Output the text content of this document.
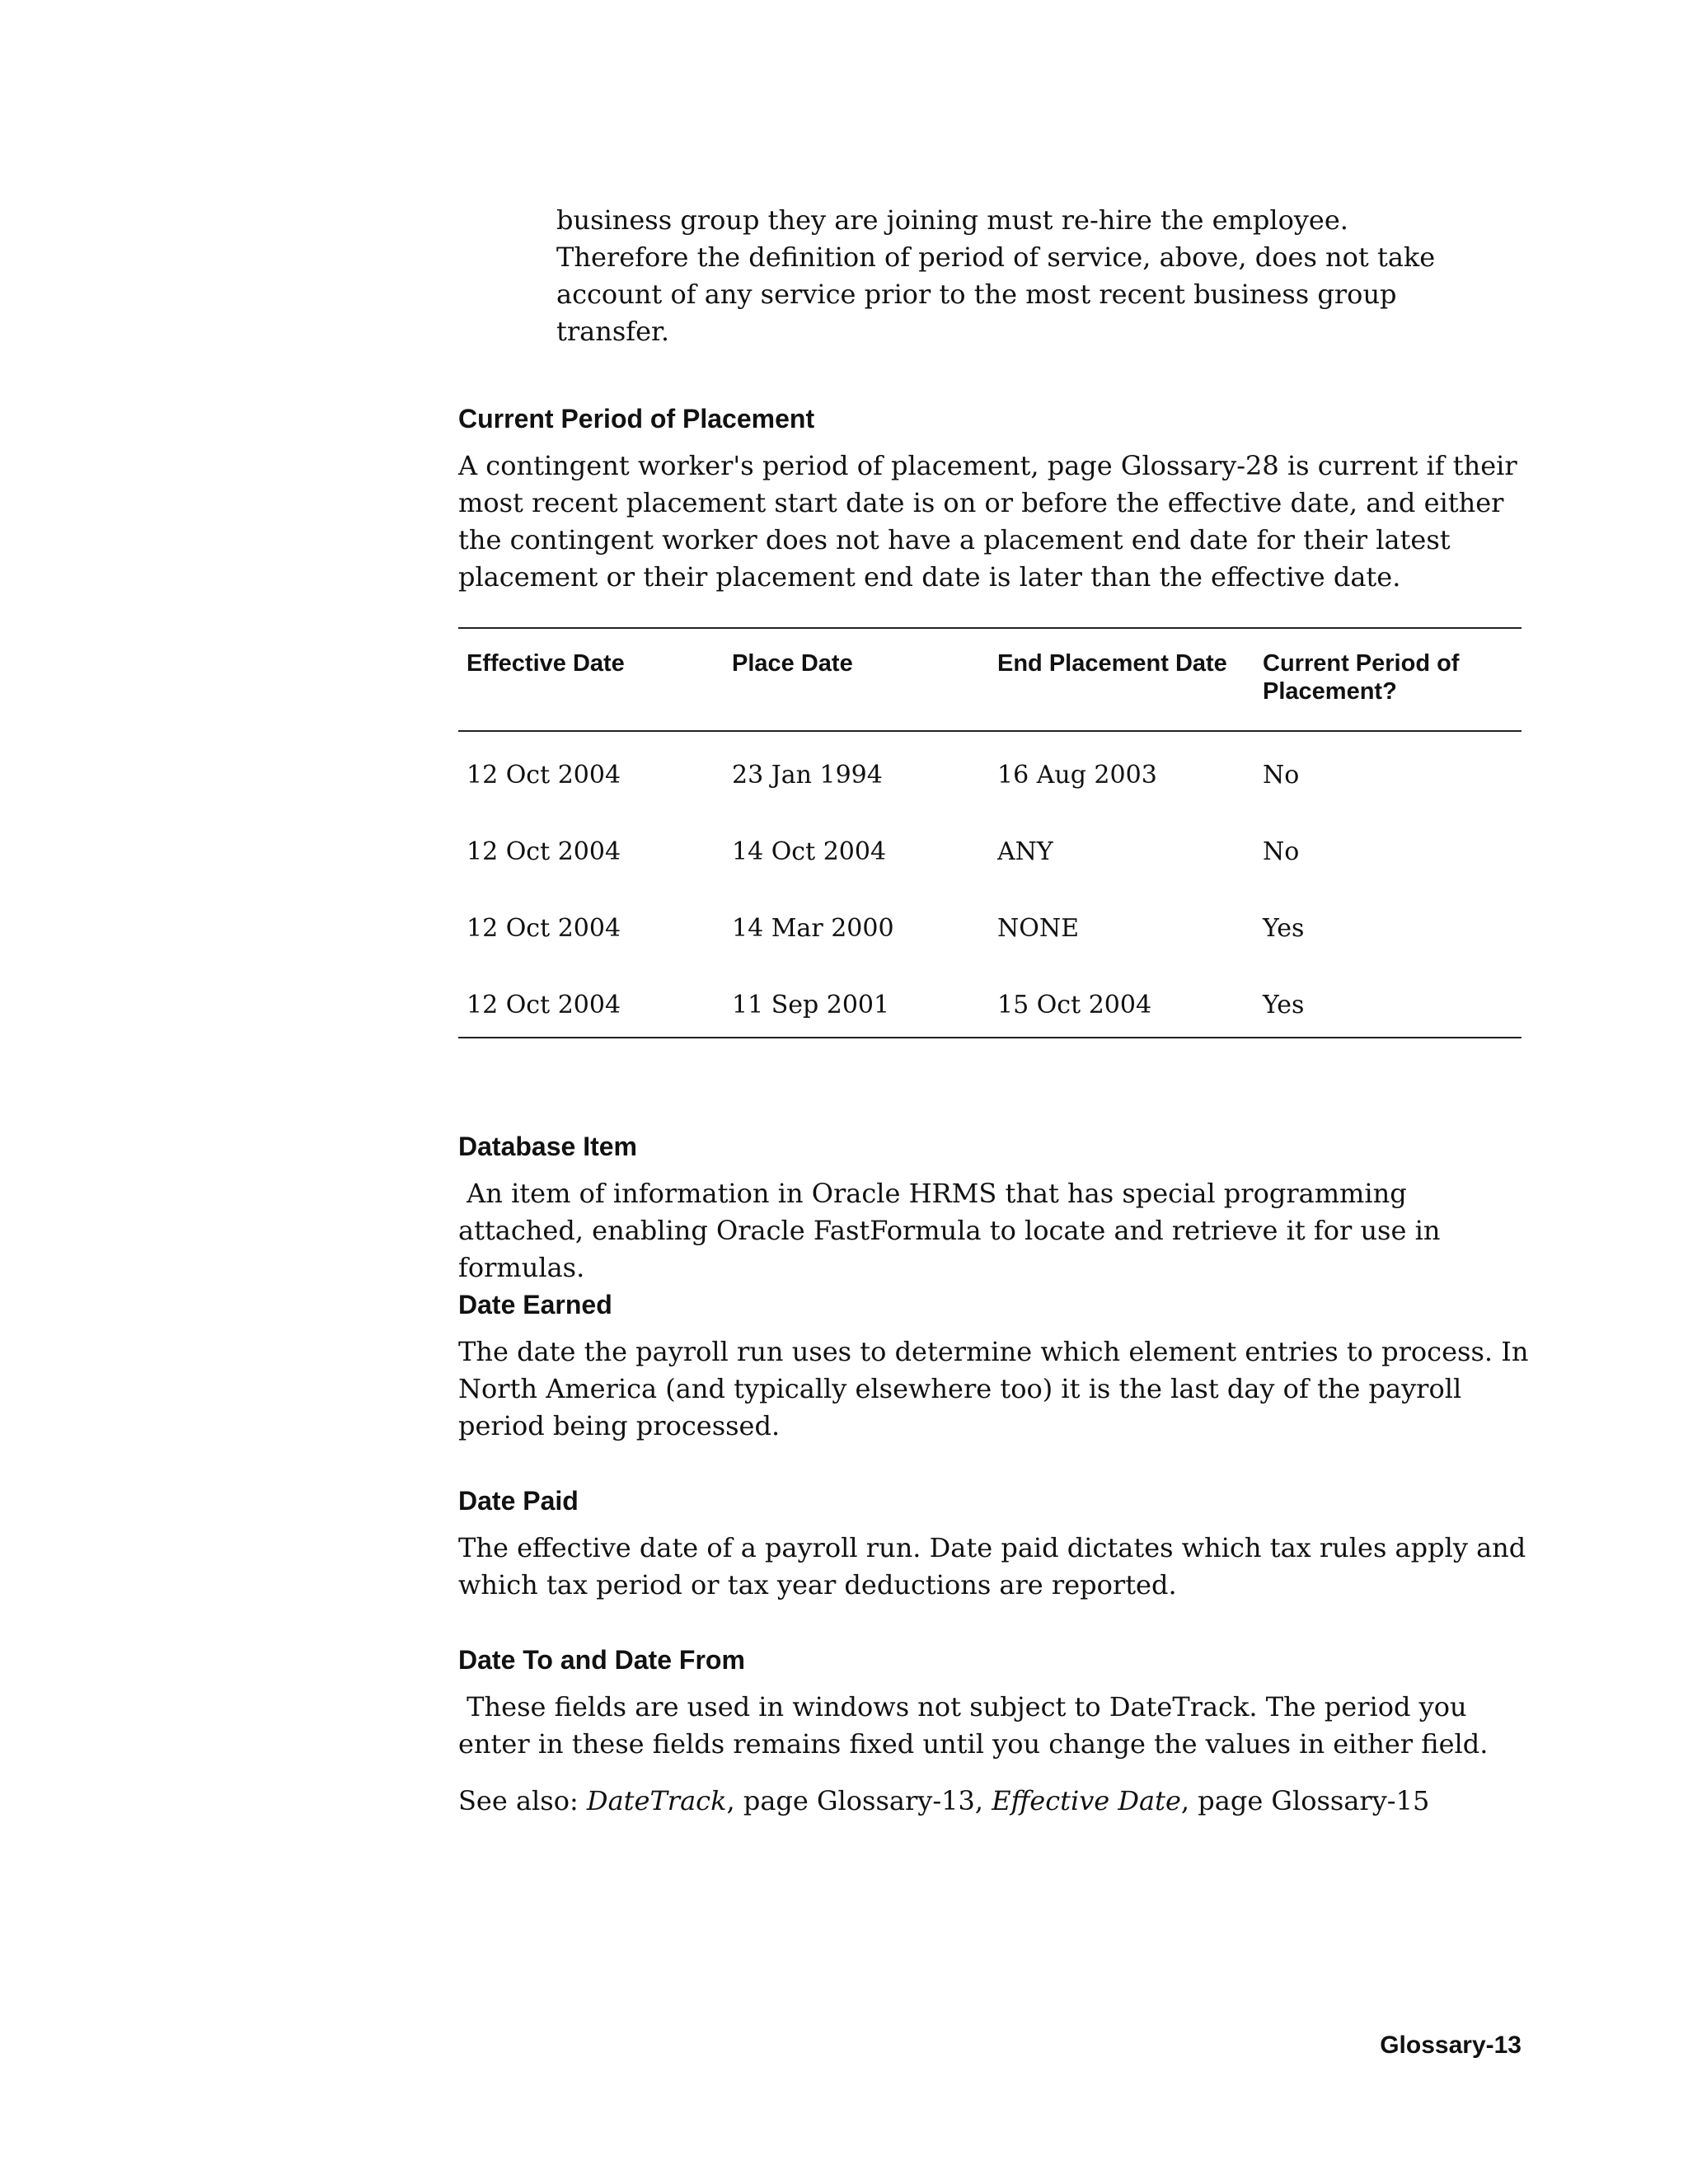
business group they are joining must re-hire the employee. Therefore the definition of period of service, above, does not take account of any service prior to the most recent business group transfer.

Current Period of Placement

A contingent worker's period of placement, page Glossary-28 is current if their most recent placement start date is on or before the effective date, and either the contingent worker does not have a placement end date for their latest placement or their placement end date is later than the effective date.

Effective Date	Place Date	End Placement Date	Current Period of Placement?
12 Oct 2004	23 Jan 1994	16 Aug 2003	No
12 Oct 2004	14 Oct 2004	ANY	No
12 Oct 2004	14 Mar 2000	NONE	Yes
12 Oct 2004	11 Sep 2001	15 Oct 2004	Yes
Database Item

An item of information in Oracle HRMS that has special programming attached, enabling Oracle FastFormula to locate and retrieve it for use in formulas.

Date Earned

The date the payroll run uses to determine which element entries to process. In North America (and typically elsewhere too) it is the last day of the payroll period being processed.

Date Paid

The effective date of a payroll run. Date paid dictates which tax rules apply and which tax period or tax year deductions are reported.

Date To and Date From

These fields are used in windows not subject to DateTrack. The period you enter in these fields remains fixed until you change the values in either field.

See also: DateTrack, page Glossary-13, Effective Date, page Glossary-15

Glossary-13
